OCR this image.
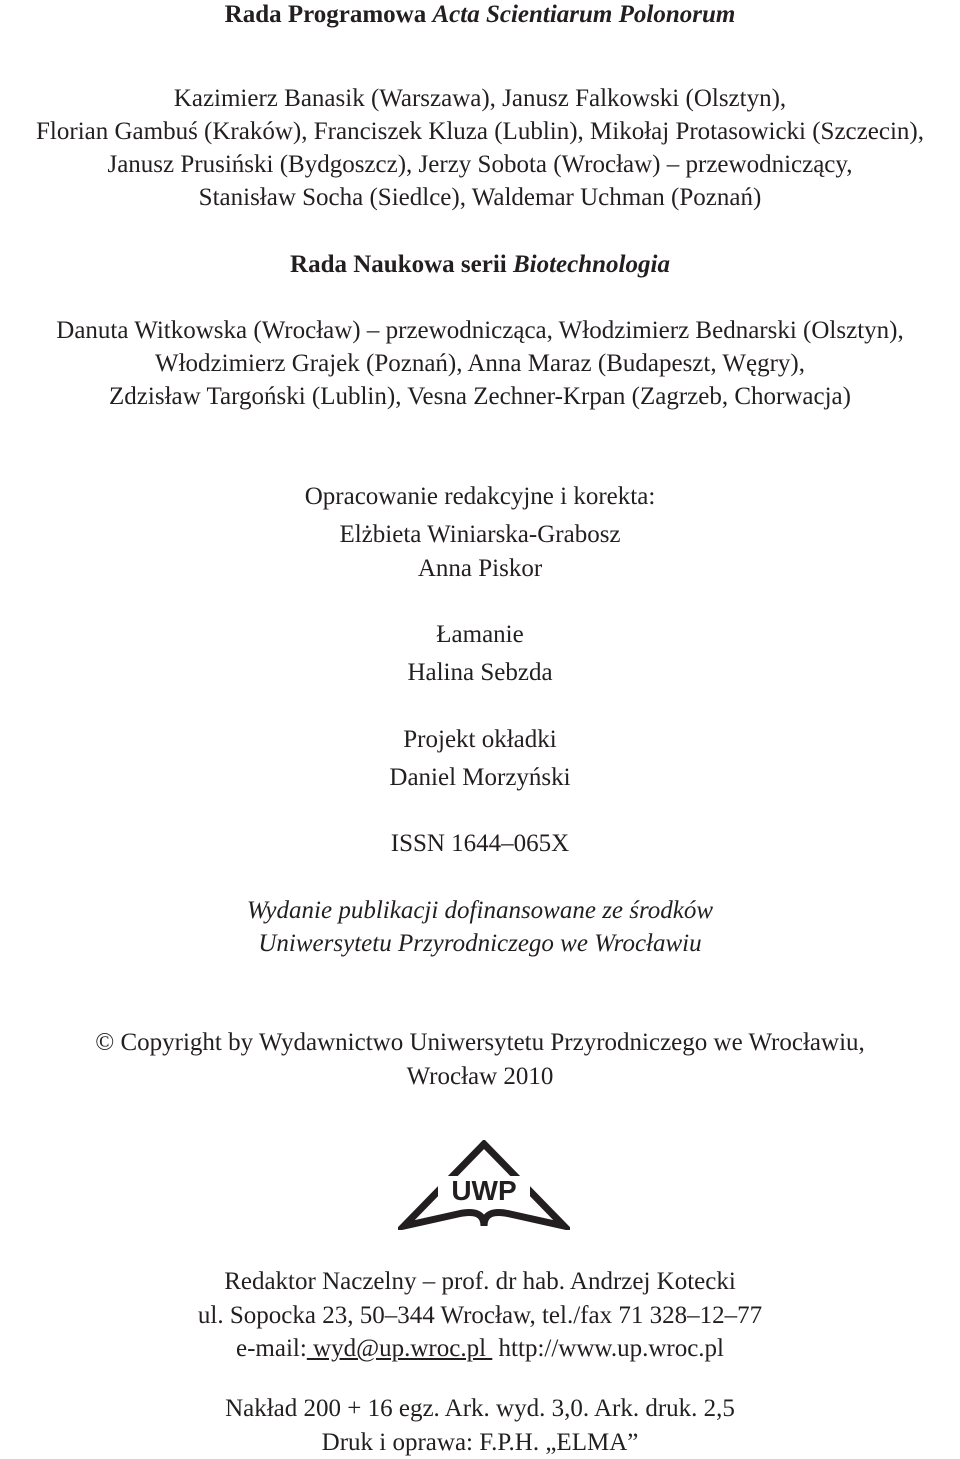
Rada Programowa Acta Scientiarum Polonorum
Kazimierz Banasik (Warszawa), Janusz Falkowski (Olsztyn),
Florian Gambuś (Kraków), Franciszek Kluza (Lublin), Mikołaj Protasowicki (Szczecin),
Janusz Prusiński (Bydgoszcz), Jerzy Sobota (Wrocław) – przewodniczący,
Stanisław Socha (Siedlce), Waldemar Uchman (Poznań)
Rada Naukowa serii Biotechnologia
Danuta Witkowska (Wrocław) – przewodnicząca, Włodzimierz Bednarski (Olsztyn),
Włodzimierz Grajek (Poznań), Anna Maraz (Budapeszt, Węgry),
Zdzisław Targoński (Lublin), Vesna Zechner-Krpan (Zagrzeb, Chorwacja)
Opracowanie redakcyjne i korekta:
Elżbieta Winiarska-Grabosz
Anna Piskor
Łamanie
Halina Sebzda
Projekt okładki
Daniel Morzyński
ISSN 1644–065X
Wydanie publikacji dofinansowane ze środków
Uniwersytetu Przyrodniczego we Wrocławiu
© Copyright by Wydawnictwo Uniwersytetu Przyrodniczego we Wrocławiu,
Wrocław 2010
UWP
Redaktor Naczelny – prof. dr hab. Andrzej Kotecki
ul. Sopocka 23, 50–344 Wrocław, tel./fax 71 328–12–77
e-mail: wyd@up.wroc.pl  http://www.up.wroc.pl
Nakład 200 + 16 egz. Ark. wyd. 3,0. Ark. druk. 2,5
Druk i oprawa: F.P.H. „ELMA”
